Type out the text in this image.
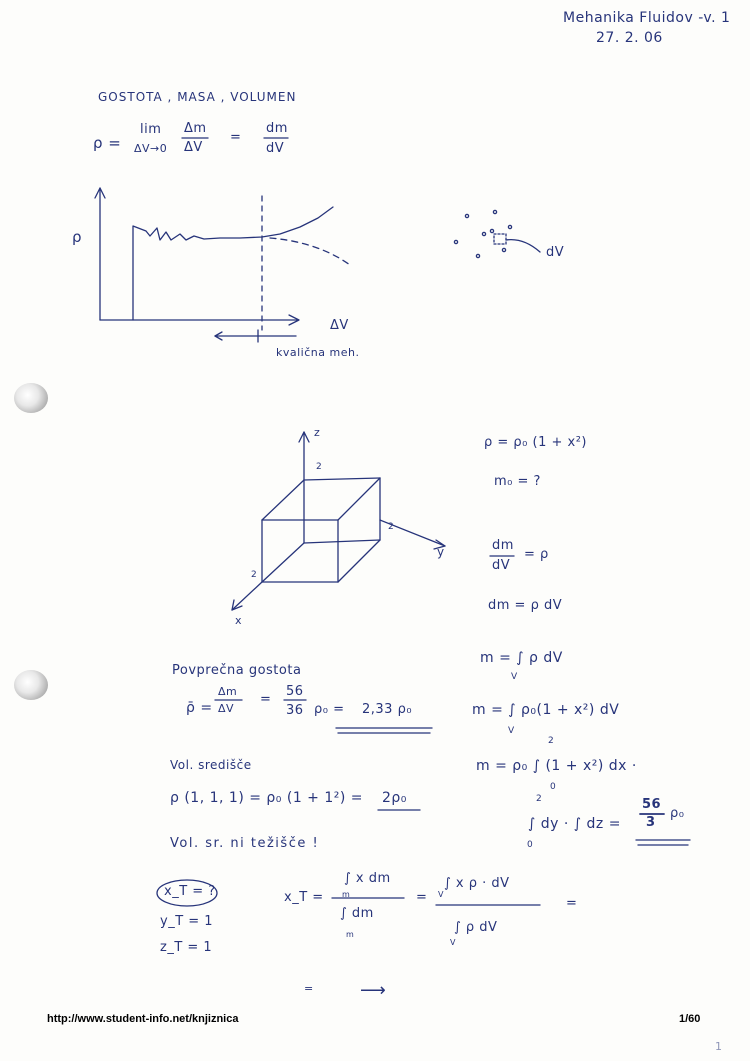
Mehanika Fluidov -v. 1
27. 2. 06
GOSTOTA , MASA , VOLUMEN
ρ =
lim
ΔV→0
Δm
ΔV
=
dm
dV
ρ
ΔV
kvalična meh.
dV
z
2
y
2
x
2
ρ = ρ₀ (1 + x²)
m₀ = ?
dm
dV
= ρ
dm = ρ dV
m = ∫ ρ dV
V
m = ∫ ρ₀(1 + x²) dV
V
m = ρ₀ ∫ (1 + x²) dx ·
2
0
∫ dy · ∫ dz =
2
0
56
3
ρ₀
Povprečna gostota
ρ̄ =
Δm
ΔV
=
56
36 ρ₀ = 2,33 ρ₀
Vol. središče
ρ (1, 1, 1) = ρ₀ (1 + 1²) = 2ρ₀
Vol. sr. ni težišče !
x_T = ?
y_T = 1
z_T = 1
x_T =
∫ x dm
m
∫ dm
m
=
∫ x ρ · dV
V
∫ ρ dV
V
=
=	⟶
http://www.student-info.net/knjiznica	1/60
1
